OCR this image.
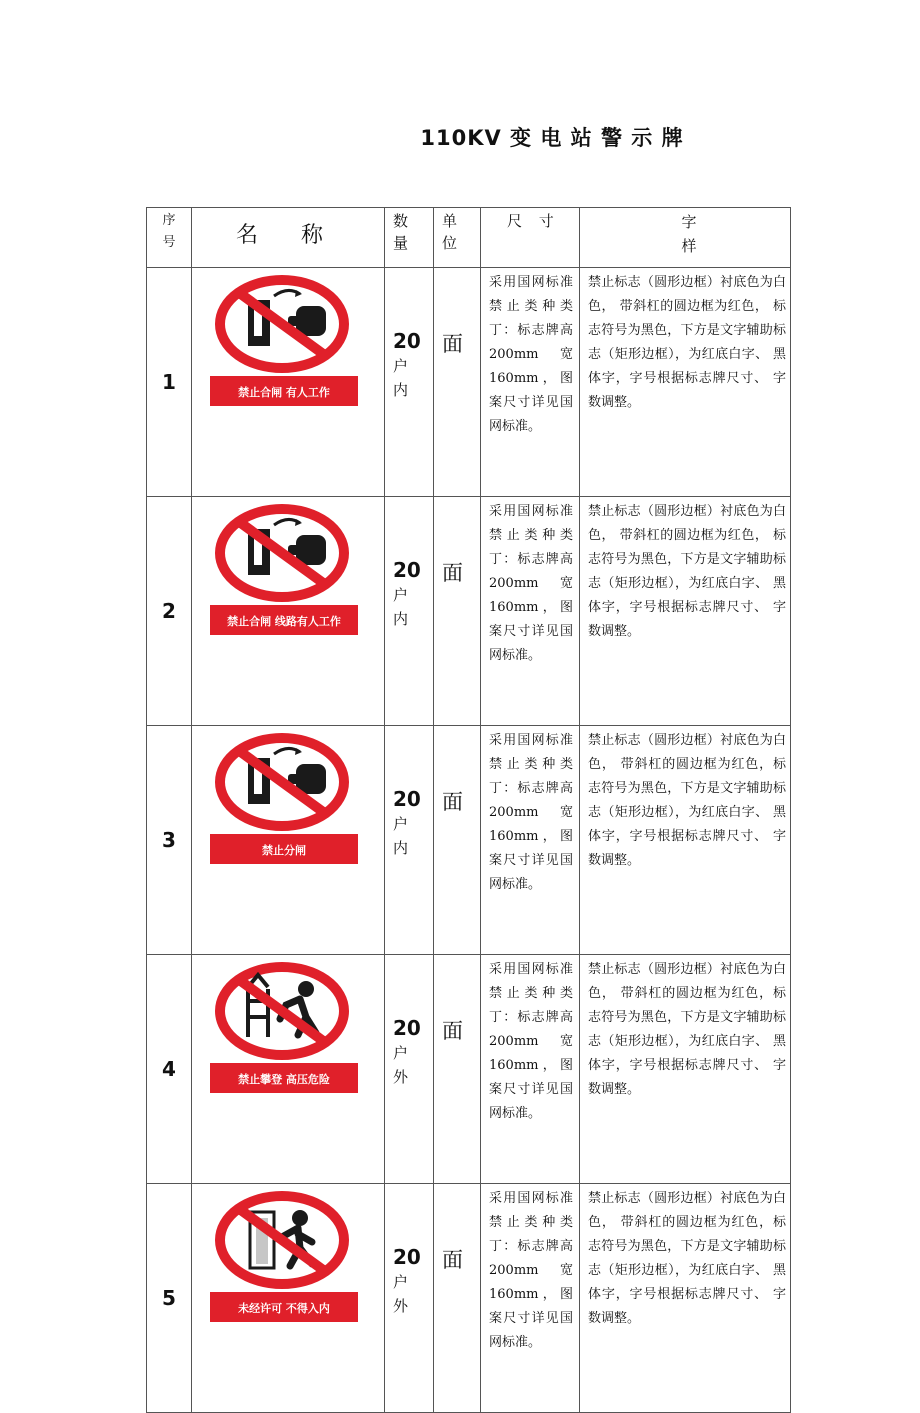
110KV 变 电 站 警 示 牌
序号	名 称	数量	单位	尺 寸	字
样
1	禁止合闸 有人工作	20
户
内	面	采用国网标准禁止类种类丁：标志牌高 200mm 宽 160mm，图案尺寸详见国网标准。	禁止标志（圆形边框）衬底色为白色， 带斜杠的圆边框为红色， 标志符号为黑色，下方是文字辅助标志（矩形边框），为红底白字、 黑体字，字号根据标志牌尺寸、 字数调整。
2	禁止合闸 线路有人工作	20
户
内	面	采用国网标准禁止类种类丁：标志牌高 200mm 宽 160mm，图案尺寸详见国网标准。	禁止标志（圆形边框）衬底色为白色， 带斜杠的圆边框为红色， 标志符号为黑色，下方是文字辅助标志（矩形边框），为红底白字、 黑体字，字号根据标志牌尺寸、 字数调整。
3	禁止分闸	20
户
内	面	采用国网标准禁止类种类丁：标志牌高 200mm 宽 160mm，图案尺寸详见国网标准。	禁止标志（圆形边框）衬底色为白色， 带斜杠的圆边框为红色，标志符号为黑色，下方是文字辅助标志（矩形边框），为红底白字、 黑体字，字号根据标志牌尺寸、 字数调整。
4	禁止攀登 高压危险	20
户
外	面	采用国网标准禁止类种类丁：标志牌高 200mm 宽 160mm，图案尺寸详见国网标准。	禁止标志（圆形边框）衬底色为白色， 带斜杠的圆边框为红色，标志符号为黑色，下方是文字辅助标志（矩形边框），为红底白字、 黑体字，字号根据标志牌尺寸、 字数调整。
5	未经许可 不得入内	20
户
外	面	采用国网标准禁止类种类丁：标志牌高 200mm 宽 160mm，图案尺寸详见国网标准。	禁止标志（圆形边框）衬底色为白色， 带斜杠的圆边框为红色，标志符号为黑色，下方是文字辅助标志（矩形边框），为红底白字、 黑体字，字号根据标志牌尺寸、 字数调整。
